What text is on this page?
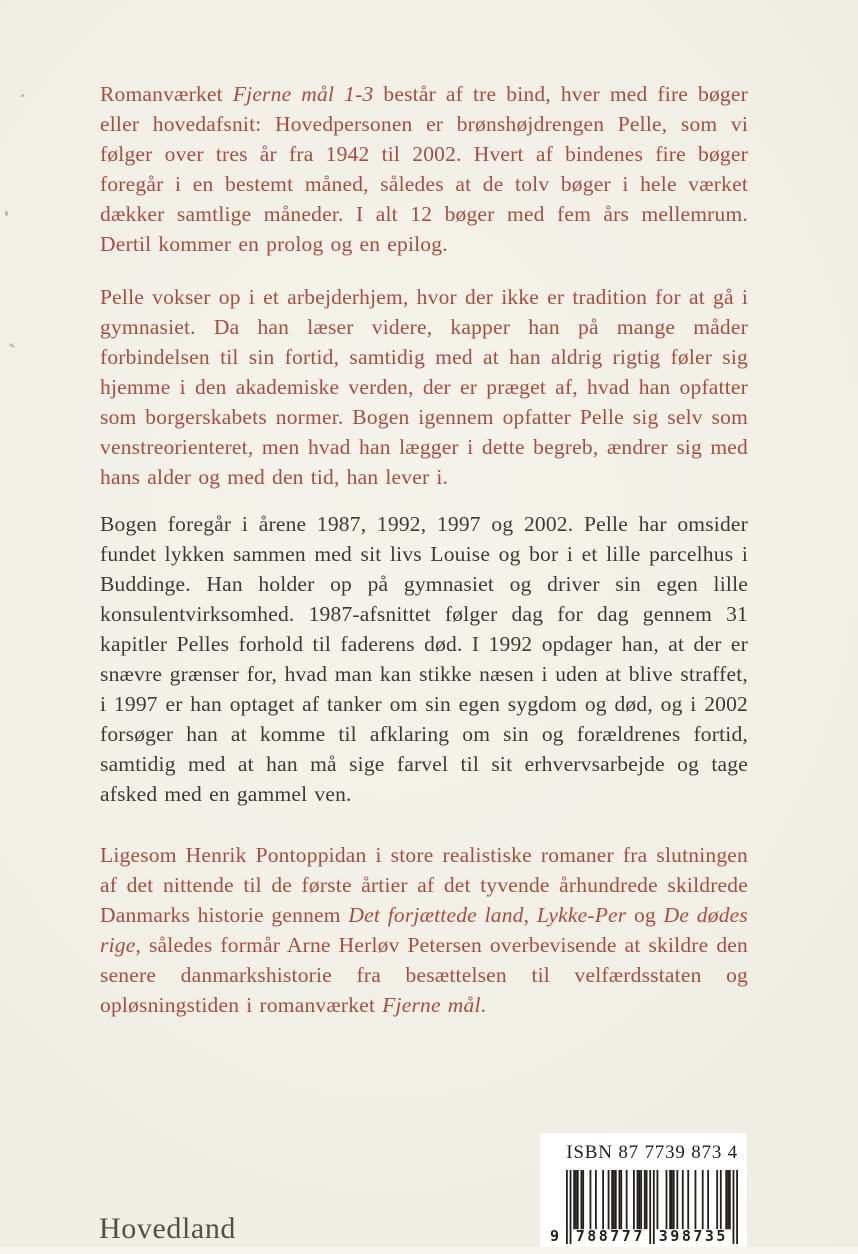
Romanværket Fjerne mål 1-3 består af tre bind, hver med fire bøger eller hovedafsnit: Hovedpersonen er brønshøjdrengen Pelle, som vi følger over tres år fra 1942 til 2002. Hvert af bindenes fire bøger foregår i en bestemt måned, således at de tolv bøger i hele værket dækker samtlige måneder. I alt 12 bøger med fem års mellemrum. Dertil kommer en prolog og en epilog.

Pelle vokser op i et arbejderhjem, hvor der ikke er tradition for at gå i gymnasiet. Da han læser videre, kapper han på mange måder forbindelsen til sin fortid, samtidig med at han aldrig rigtig føler sig hjemme i den akademiske verden, der er præget af, hvad han opfatter som borgerskabets normer. Bogen igennem opfatter Pelle sig selv som venstreorienteret, men hvad han lægger i dette begreb, ændrer sig med hans alder og med den tid, han lever i.

Bogen foregår i årene 1987, 1992, 1997 og 2002. Pelle har omsider fundet lykken sammen med sit livs Louise og bor i et lille parcelhus i Buddinge. Han holder op på gymnasiet og driver sin egen lille konsulentvirksomhed. 1987-afsnittet følger dag for dag gennem 31 kapitler Pelles forhold til faderens død. I 1992 opdager han, at der er snævre grænser for, hvad man kan stikke næsen i uden at blive straffet, i 1997 er han optaget af tanker om sin egen sygdom og død, og i 2002 forsøger han at komme til afklaring om sin og forældrenes fortid, samtidig med at han må sige farvel til sit erhvervsarbejde og tage afsked med en gammel ven.

Ligesom Henrik Pontoppidan i store realistiske romaner fra slutningen af det nittende til de første årtier af det tyvende århundrede skildrede Danmarks historie gennem Det forjættede land, Lykke-Per og De dødes rige, således formår Arne Herløv Petersen overbevisende at skildre den senere danmarkshistorie fra besættelsen til velfærdsstaten og opløsningstiden i romanværket Fjerne mål.

Hovedland
ISBN 87 7739 873 4
9 788777 398735
